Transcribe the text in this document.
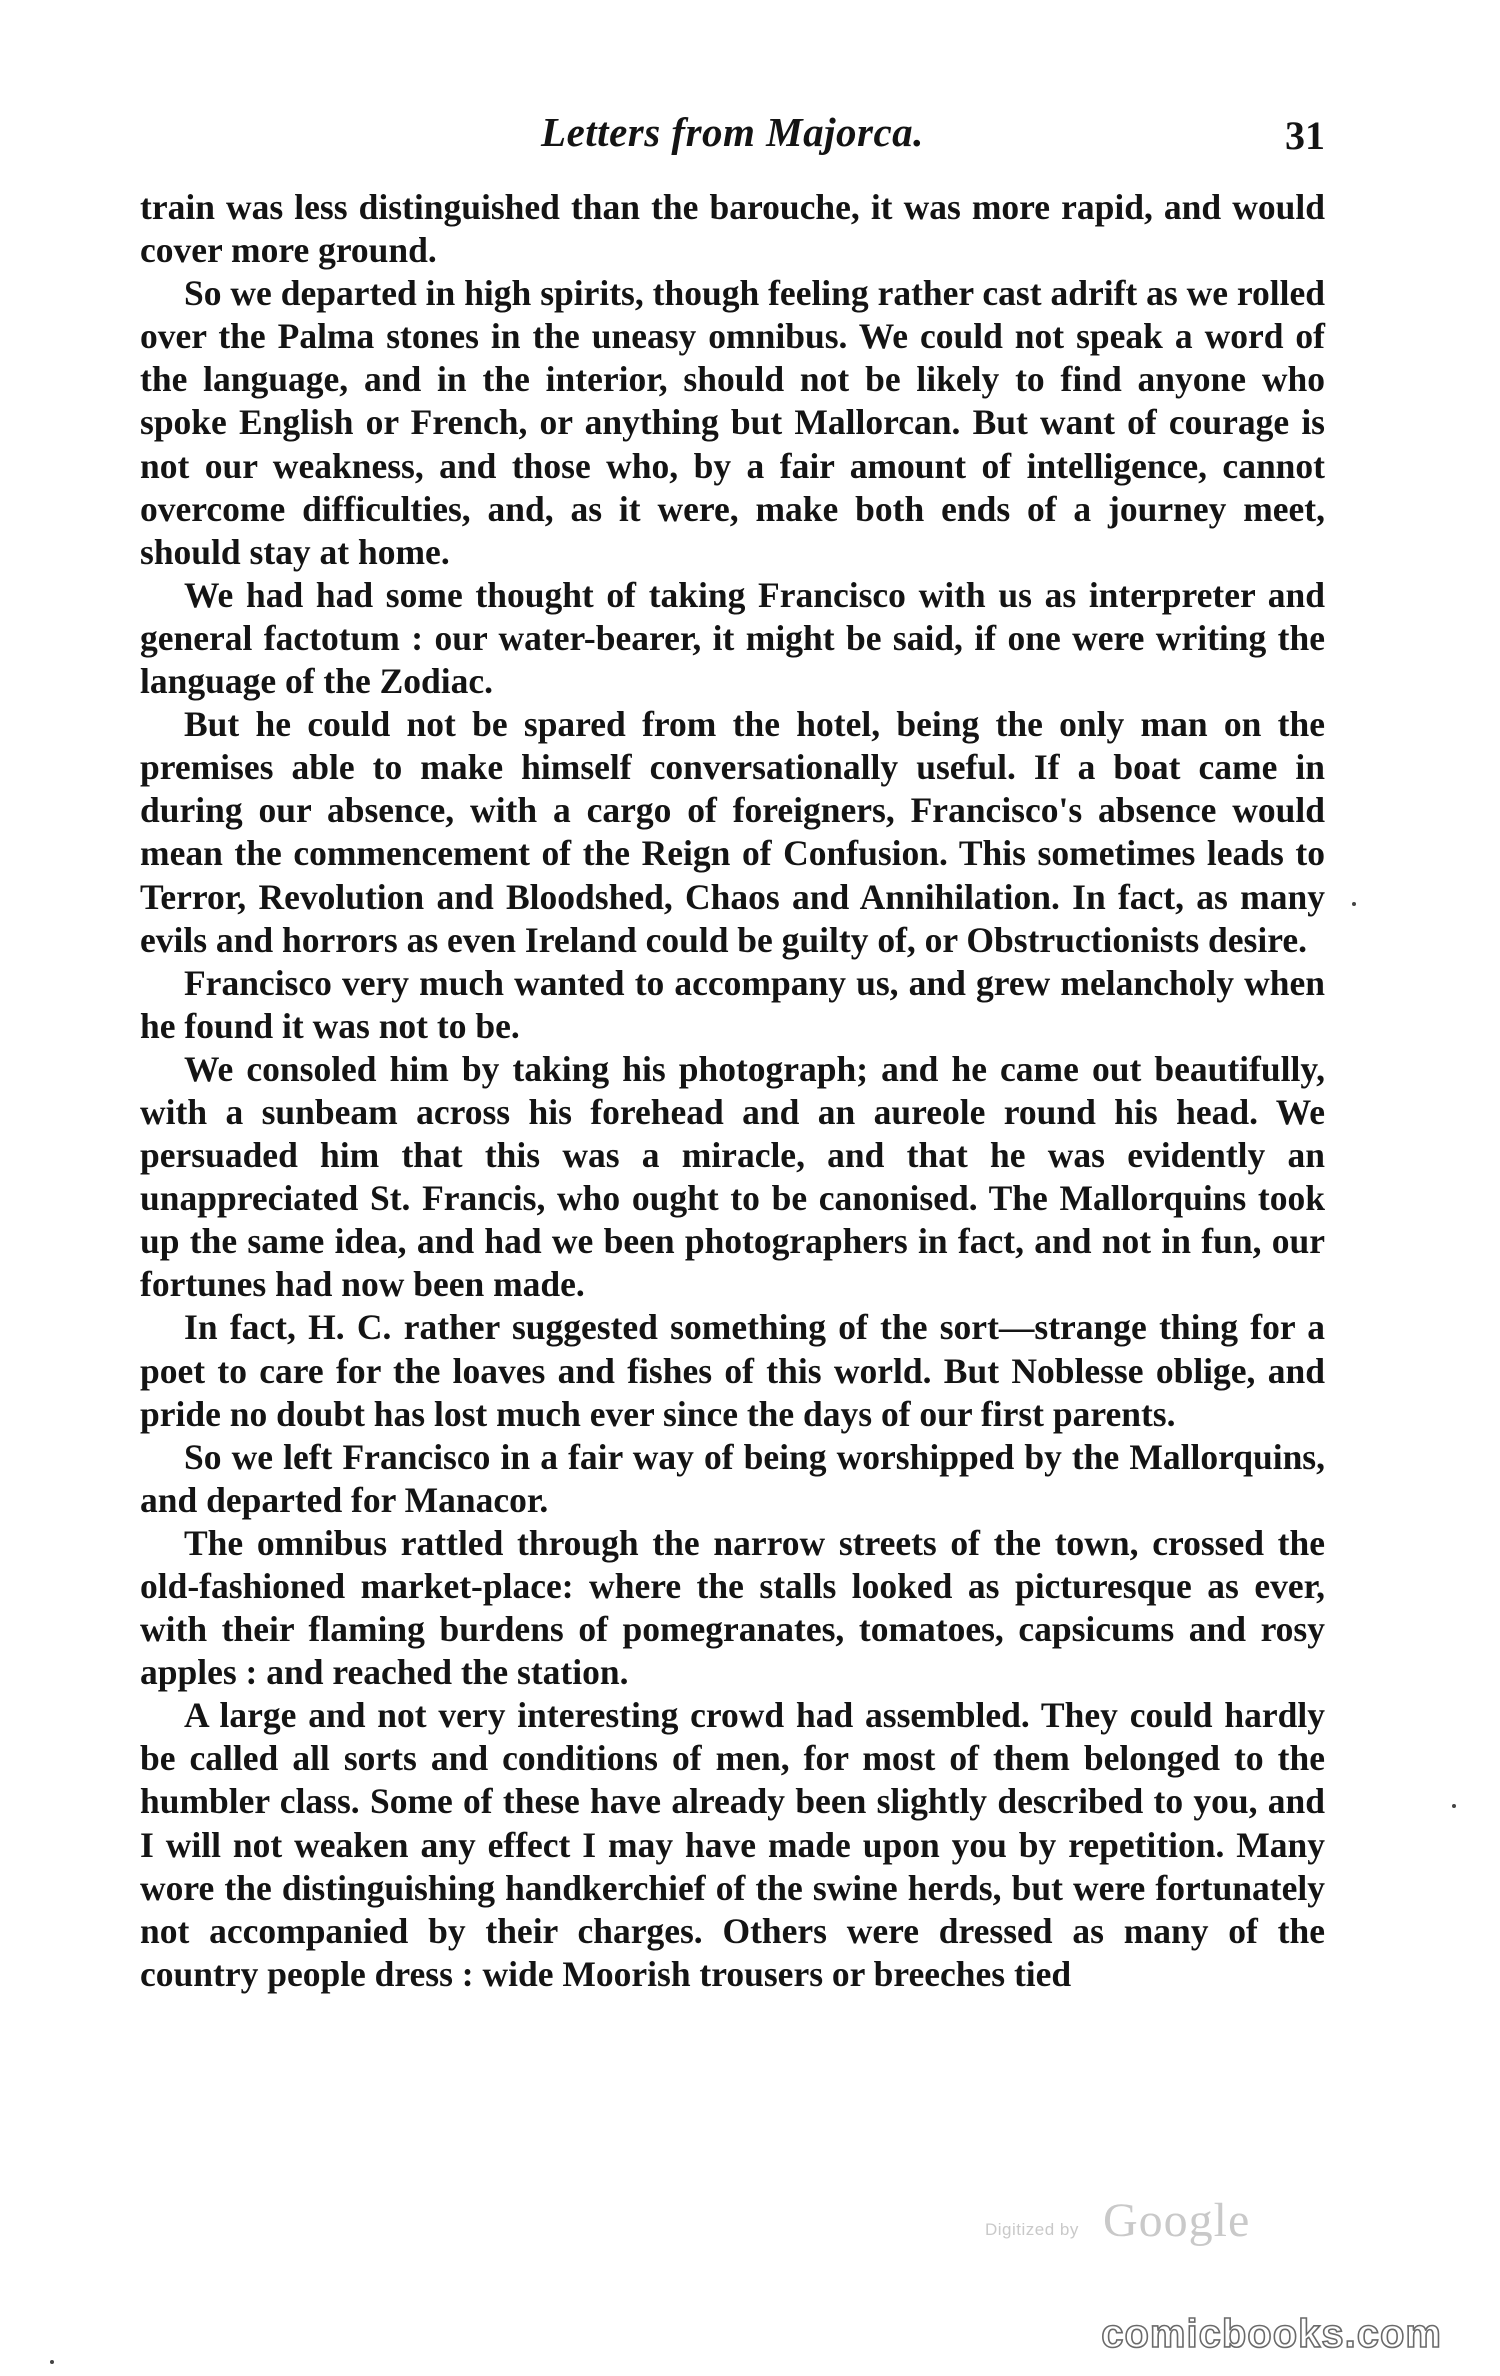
Letters from Majorca.	31

train was less distinguished than the barouche, it was more rapid, and would cover more ground.

So we departed in high spirits, though feeling rather cast adrift as we rolled over the Palma stones in the uneasy omnibus. We could not speak a word of the language, and in the interior, should not be likely to find anyone who spoke English or French, or anything but Mallorcan. But want of courage is not our weakness, and those who, by a fair amount of intelligence, cannot overcome difficulties, and, as it were, make both ends of a journey meet, should stay at home.

We had had some thought of taking Francisco with us as interpreter and general factotum : our water-bearer, it might be said, if one were writing the language of the Zodiac.

But he could not be spared from the hotel, being the only man on the premises able to make himself conversationally useful. If a boat came in during our absence, with a cargo of foreigners, Francisco's absence would mean the commencement of the Reign of Confusion. This sometimes leads to Terror, Revolution and Bloodshed, Chaos and Annihilation. In fact, as many evils and horrors as even Ireland could be guilty of, or Obstructionists desire.

Francisco very much wanted to accompany us, and grew melancholy when he found it was not to be.

We consoled him by taking his photograph; and he came out beautifully, with a sunbeam across his forehead and an aureole round his head. We persuaded him that this was a miracle, and that he was evidently an unappreciated St. Francis, who ought to be canonised. The Mallorquins took up the same idea, and had we been photographers in fact, and not in fun, our fortunes had now been made.

In fact, H. C. rather suggested something of the sort—strange thing for a poet to care for the loaves and fishes of this world. But Noblesse oblige, and pride no doubt has lost much ever since the days of our first parents.

So we left Francisco in a fair way of being worshipped by the Mallorquins, and departed for Manacor.

The omnibus rattled through the narrow streets of the town, crossed the old-fashioned market-place: where the stalls looked as picturesque as ever, with their flaming burdens of pomegranates, tomatoes, capsicums and rosy apples : and reached the station.

A large and not very interesting crowd had assembled. They could hardly be called all sorts and conditions of men, for most of them belonged to the humbler class. Some of these have already been slightly described to you, and I will not weaken any effect I may have made upon you by repetition. Many wore the distinguishing handkerchief of the swine herds, but were fortunately not accompanied by their charges. Others were dressed as many of the country people dress : wide Moorish trousers or breeches tied

Digitized by Google
comicbooks.com
